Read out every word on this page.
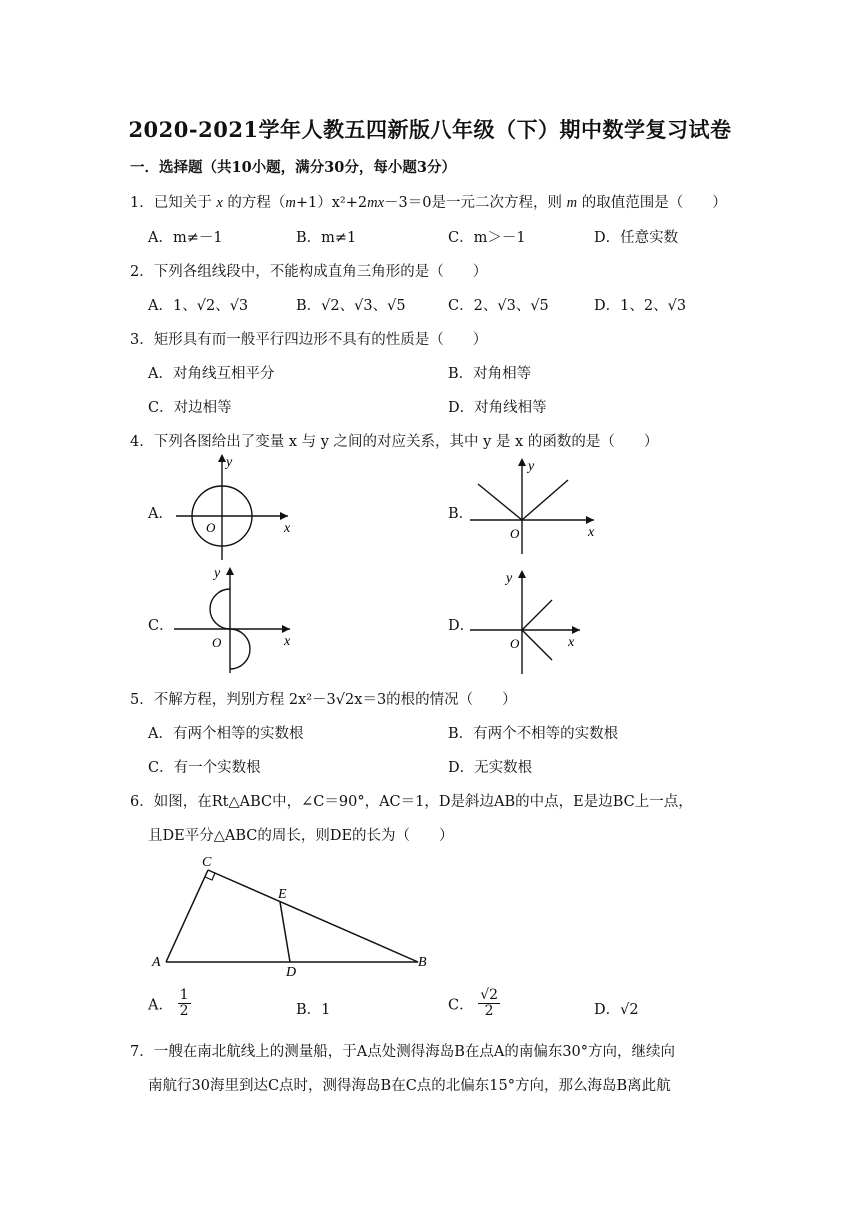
2020-2021学年人教五四新版八年级（下）期中数学复习试卷
一．选择题（共10小题，满分30分，每小题3分）
1．已知关于 x 的方程（m+1）x²+2mx－3＝0是一元二次方程，则 m 的取值范围是（　　）
A．m≠－1	B．m≠1	C．m＞－1	D．任意实数
2．下列各组线段中，不能构成直角三角形的是（　　）
A．1、√2、√3	B．√2、√3、√5	C．2、√3、√5	D．1、2、√3
3．矩形具有而一般平行四边形不具有的性质是（　　）
A．对角线互相平分	B．对角相等
C．对边相等	D．对角线相等
4．下列各图给出了变量 x 与 y 之间的对应关系，其中 y 是 x 的函数的是（　　）
A．
y
x
O
B．
y
x
O
C．
y
x
O
D．
y
x
O
5．不解方程，判别方程 2x²－3√2x＝3的根的情况（　　）
A．有两个相等的实数根	B．有两个不相等的实数根
C．有一个实数根	D．无实数根
6．如图，在Rt△ABC中，∠C＝90°，AC＝1，D是斜边AB的中点，E是边BC上一点，
且DE平分△ABC的周长，则DE的长为（　　）
C
E
A
D
B
A． $\frac{1}{2}$	B．1	C． $\frac{√2}{2}$	D．√2
7．一艘在南北航线上的测量船，于A点处测得海岛B在点A的南偏东30°方向，继续向
南航行30海里到达C点时，测得海岛B在C点的北偏东15°方向，那么海岛B离此航
